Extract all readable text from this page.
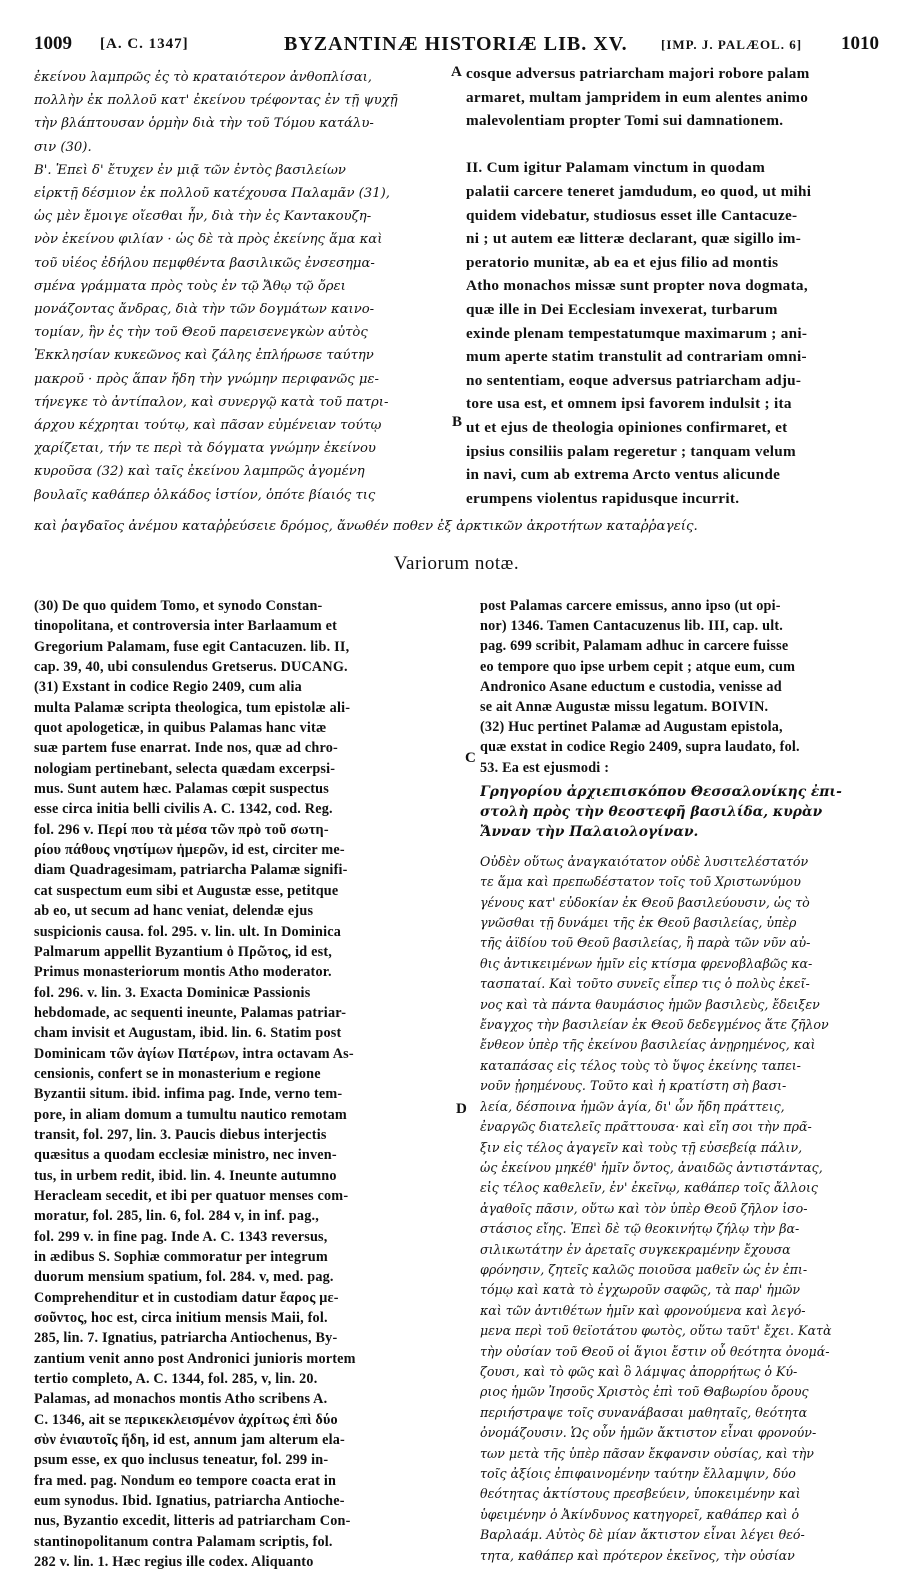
1009 [A. C. 1347]	BYZANTINÆ HISTORIÆ LIB. XV.	[IMP. J. PALÆOL. 6] 1010

ἐκείνου λαμπρῶς ἐς τὸ κραταιότερον ἀνθοπλίσαι,

πολλὴν ἐκ πολλοῦ κατ' ἐκείνου τρέφοντας ἐν τῇ ψυχῇ

τὴν βλάπτουσαν ὁρμὴν διὰ τὴν τοῦ Τόμου κατάλυ-

σιν (30).

Β'. Ἐπεὶ δ' ἔτυχεν ἐν μιᾷ τῶν ἐντὸς βασιλείων

εἱρκτῇ δέσμιον ἐκ πολλοῦ κατέχουσα Παλαμᾶν (31),

ὡς μὲν ἔμοιγε οἴεσθαι ἦν, διὰ τὴν ἐς Καντακουζη-

νὸν ἐκείνου φιλίαν · ὡς δὲ τὰ πρὸς ἐκείνης ἅμα καὶ

τοῦ υἱέος ἐδήλου πεμφθέντα βασιλικῶς ἐνσεσημα-

σμένα γράμματα πρὸς τοὺς ἐν τῷ Ἄθῳ τῷ ὄρει

μονάζοντας ἄνδρας, διὰ τὴν τῶν δογμάτων καινο-

τομίαν, ἣν ἐς τὴν τοῦ Θεοῦ παρεισενεγκὼν αὐτὸς

Ἐκκλησίαν κυκεῶνος καὶ ζάλης ἐπλήρωσε ταύτην

μακροῦ · πρὸς ἅπαν ἤδη τὴν γνώμην περιφανῶς με-

τήνεγκε τὸ ἀντίπαλον, καὶ συνεργῷ κατὰ τοῦ πατρι-

άρχου κέχρηται τούτῳ, καὶ πᾶσαν εὐμένειαν τούτῳ

χαρίζεται, τήν τε περὶ τὰ δόγματα γνώμην ἐκείνου

κυροῦσα (32) καὶ ταῖς ἐκείνου λαμπρῶς ἀγομένη

βουλαῖς καθάπερ ὁλκάδος ἱστίον, ὁπότε βίαιός τις

cosque adversus patriarcham majori robore palam

armaret, multam jampridem in eum alentes animo

malevolentiam propter Tomi sui damnationem.

II. Cum igitur Palamam vinctum in quodam

palatii carcere teneret jamdudum, eo quod, ut mihi

quidem videbatur, studiosus esset ille Cantacuze-

ni ; ut autem eæ litteræ declarant, quæ sigillo im-

peratorio munitæ, ab ea et ejus filio ad montis

Atho monachos missæ sunt propter nova dogmata,

quæ ille in Dei Ecclesiam invexerat, turbarum

exinde plenam tempestatumque maximarum ; ani-

mum aperte statim transtulit ad contrariam omni-

no sententiam, eoque adversus patriarcham adju-

tore usa est, et omnem ipsi favorem indulsit ; ita

ut et ejus de theologia opiniones confirmaret, et

ipsius consiliis palam regeretur ; tanquam velum

in navi, cum ab extrema Arcto ventus alicunde

erumpens violentus rapidusque incurrit.

καὶ ῥαγδαῖος ἀνέμου καταῤῥεύσειε δρόμος, ἄνωθέν ποθεν ἐξ ἀρκτικῶν ἀκροτήτων καταῤῥαγείς.
A
B
C
D
Variorum notæ.

(30) De quo quidem Tomo, et synodo Constan-

tinopolitana, et controversia inter Barlaamum et

Gregorium Palamam, fuse egit Cantacuzen. lib. II,

cap. 39, 40, ubi consulendus Gretserus. DUCANG.

(31) Exstant in codice Regio 2409, cum alia

multa Palamæ scripta theologica, tum epistolæ ali-

quot apologeticæ, in quibus Palamas hanc vitæ

suæ partem fuse enarrat. Inde nos, quæ ad chro-

nologiam pertinebant, selecta quædam excerpsi-

mus. Sunt autem hæc. Palamas cœpit suspectus

esse circa initia belli civilis A. C. 1342, cod. Reg.

fol. 296 v. Περί που τὰ μέσα τῶν πρὸ τοῦ σωτη-

ρίου πάθους νηστίμων ἡμερῶν, id est, circiter me-

diam Quadragesimam, patriarcha Palamæ signifi-

cat suspectum eum sibi et Augustæ esse, petitque

ab eo, ut secum ad hanc veniat, delendæ ejus

suspicionis causa. fol. 295. v. lin. ult. In Dominica

Palmarum appellit Byzantium ὁ Πρῶτος, id est,

Primus monasteriorum montis Atho moderator.

fol. 296. v. lin. 3. Exacta Dominicæ Passionis

hebdomade, ac sequenti ineunte, Palamas patriar-

cham invisit et Augustam, ibid. lin. 6. Statim post

Dominicam τῶν ἁγίων Πατέρων, intra octavam As-

censionis, confert se in monasterium e regione

Byzantii situm. ibid. infima pag. Inde, verno tem-

pore, in aliam domum a tumultu nautico remotam

transit, fol. 297, lin. 3. Paucis diebus interjectis

quæsitus a quodam ecclesiæ ministro, nec inven-

tus, in urbem redit, ibid. lin. 4. Ineunte autumno

Heracleam secedit, et ibi per quatuor menses com-

moratur, fol. 285, lin. 6, fol. 284 v, in inf. pag.,

fol. 299 v. in fine pag. Inde A. C. 1343 reversus,

in ædibus S. Sophiæ commoratur per integrum

duorum mensium spatium, fol. 284. v, med. pag.

Comprehenditur et in custodiam datur ἔαρος με-

σοῦντος, hoc est, circa initium mensis Maii, fol.

285, lin. 7. Ignatius, patriarcha Antiochenus, By-

zantium venit anno post Andronici junioris mortem

tertio completo, A. C. 1344, fol. 285, v, lin. 20.

Palamas, ad monachos montis Atho scribens A.

C. 1346, ait se περικεκλεισμένον ἀχρίτως ἐπὶ δύο

σὺν ἐνιαυτοῖς ἤδη, id est, annum jam alterum ela-

psum esse, ex quo inclusus teneatur, fol. 299 in-

fra med. pag. Nondum eo tempore coacta erat in

eum synodus. Ibid. Ignatius, patriarcha Antioche-

nus, Byzantio excedit, litteris ad patriarcham Con-

stantinopolitanum contra Palamam scriptis, fol.

282 v. lin. 1. Hæc regius ille codex. Aliquanto

post Palamas carcere emissus, anno ipso (ut opi-

nor) 1346. Tamen Cantacuzenus lib. III, cap. ult.

pag. 699 scribit, Palamam adhuc in carcere fuisse

eo tempore quo ipse urbem cepit ; atque eum, cum

Andronico Asane eductum e custodia, venisse ad

se ait Annæ Augustæ missu legatum. BOIVIN.

(32) Huc pertinet Palamæ ad Augustam epistola,

quæ exstat in codice Regio 2409, supra laudato, fol.

53. Ea est ejusmodi :

Γρηγορίου ἀρχιεπισκόπου Θεσσαλονίκης ἐπι-

στολὴ πρὸς τὴν θεοστεφῆ βασιλίδα, κυρὰν

Ἄνναν τὴν Παλαιολογίναν.

Οὐδὲν οὕτως ἀναγκαιότατον οὐδὲ λυσιτελέστατόν

τε ἅμα καὶ πρεπωδέστατον τοῖς τοῦ Χριστωνύμου

γένους κατ' εὐδοκίαν ἐκ Θεοῦ βασιλεύουσιν, ὡς τὸ

γνῶσθαι τῇ δυνάμει τῆς ἐκ Θεοῦ βασιλείας, ὑπὲρ

τῆς ἀϊδίου τοῦ Θεοῦ βασιλείας, ἢ παρὰ τῶν νῦν αὐ-

θις ἀντικειμένων ἡμῖν εἰς κτίσμα φρενοβλαβῶς κα-

τασπαταί. Καὶ τοῦτο συνεῖς εἶπερ τις ὁ πολὺς ἐκεῖ-

νος καὶ τὰ πάντα θαυμάσιος ἡμῶν βασιλεὺς, ἔδειξεν

ἔναγχος τὴν βασιλείαν ἐκ Θεοῦ δεδεγμένος ἅτε ζῆλον

ἔνθεον ὑπὲρ τῆς ἐκείνου βασιλείας ἀνῃρημένος, καὶ

καταπάσας εἰς τέλος τοὺς τὸ ὕψος ἐκείνης ταπει-

νοῦν ᾐρημένους. Τοῦτο καὶ ἡ κρατίστη σὴ βασι-

λεία, δέσποινα ἡμῶν ἁγία, δι' ὧν ἤδη πράττεις,

ἐναργῶς διατελεῖς πρᾶττουσα· καὶ εἴη σοι τὴν πρᾶ-

ξιν εἰς τέλος ἀγαγεῖν καὶ τοὺς τῇ εὐσεβείᾳ πάλιν,

ὡς ἐκείνου μηκέθ' ἡμῖν ὄντος, ἀναιδῶς ἀντιστάντας,

εἰς τέλος καθελεῖν, ἐν' ἐκεῖνῳ, καθάπερ τοῖς ἄλλοις

ἀγαθοῖς πᾶσιν, οὕτω καὶ τὸν ὑπὲρ Θεοῦ ζῆλον ἰσο-

στάσιος εἴης. Ἐπεὶ δὲ τῷ θεοκινήτῳ ζήλῳ τὴν βα-

σιλικωτάτην ἐν ἀρεταῖς συγκεκραμένην ἔχουσα

φρόνησιν, ζητεῖς καλῶς ποιοῦσα μαθεῖν ὡς ἐν ἐπι-

τόμῳ καὶ κατὰ τὸ ἐγχωροῦν σαφῶς, τὰ παρ' ἡμῶν

καὶ τῶν ἀντιθέτων ἡμῖν καὶ φρονούμενα καὶ λεγό-

μενα περὶ τοῦ θεϊοτάτου φωτὸς, οὕτω ταῦτ' ἔχει. Κατὰ

τὴν οὐσίαν τοῦ Θεοῦ οἱ ἅγιοι ἔστιν οὗ θεότητα ὀνομά-

ζουσι, καὶ τὸ φῶς καὶ ὃ λάμψας ἀπορρήτως ὁ Κύ-

ριος ἡμῶν Ἰησοῦς Χριστὸς ἐπὶ τοῦ Θαβωρίου ὄρους

περιήστραψε τοῖς συνανάβασαι μαθηταῖς, θεότητα

ὀνομάζουσιν. Ὡς οὖν ἡμῶν ἄκτιστον εἶναι φρονούν-

των μετὰ τῆς ὑπὲρ πᾶσαν ἔκφανσιν οὐσίας, καὶ τὴν

τοῖς ἀξίοις ἐπιφαινομένην ταύτην ἔλλαμψιν, δύο

θεότητας ἀκτίστους πρεσβεύειν, ὑποκειμένην καὶ

ὑφειμένην ὁ Ἀκίνδυνος κατηγορεῖ, καθάπερ καὶ ὁ

Βαρλαάμ. Αὐτὸς δὲ μίαν ἄκτιστον εἶναι λέγει θεό-

τητα, καθάπερ καὶ πρότερον ἐκεῖνος, τὴν οὐσίαν
